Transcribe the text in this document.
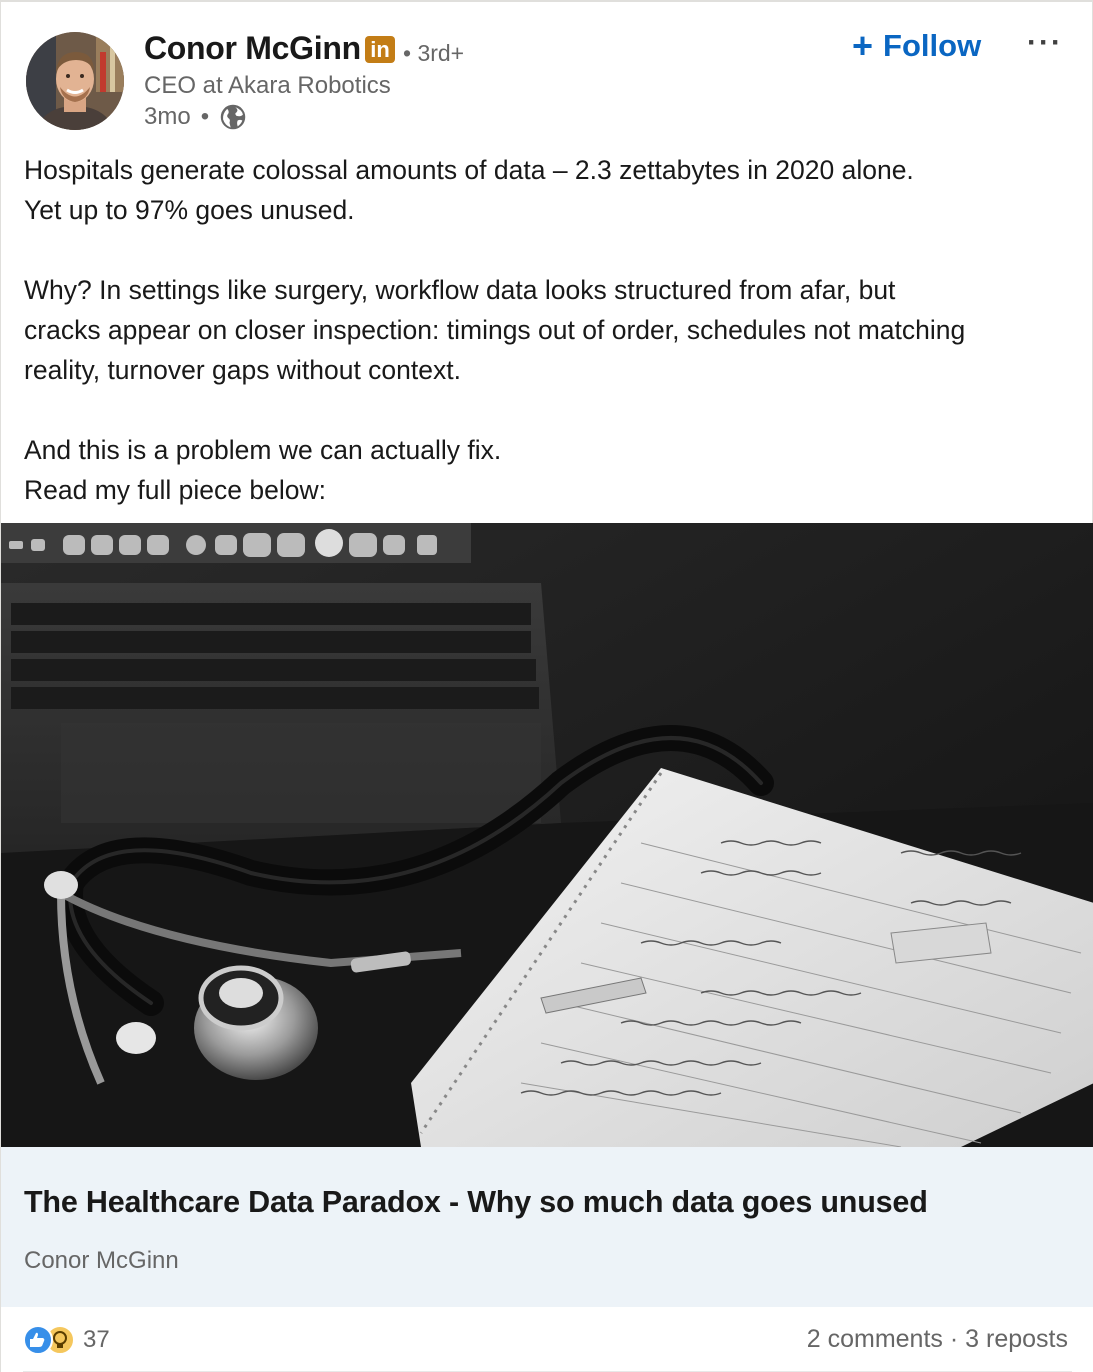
Conor McGinn in • 3rd+
CEO at Akara Robotics
3mo •
+ Follow ···

Hospitals generate colossal amounts of data – 2.3 zettabytes in 2020 alone.

Yet up to 97% goes unused.

Why? In settings like surgery, workflow data looks structured from afar, but

cracks appear on closer inspection: timings out of order, schedules not matching

reality, turnover gaps without context.

And this is a problem we can actually fix.

Read my full piece below:

The Healthcare Data Paradox - Why so much data goes unused
Conor McGinn
37	2 comments · 3 reposts
